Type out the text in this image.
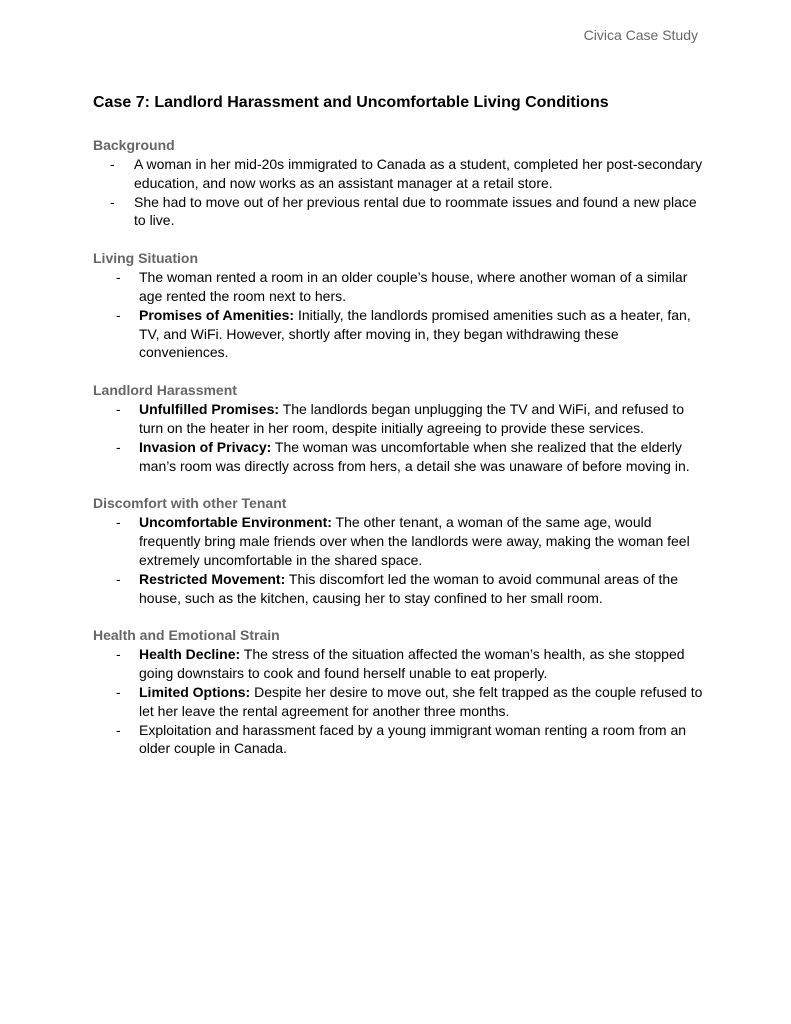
Civica Case Study
Case 7: Landlord Harassment and Uncomfortable Living Conditions
Background
- A woman in her mid-20s immigrated to Canada as a student, completed her post-secondary education, and now works as an assistant manager at a retail store.
- She had to move out of her previous rental due to roommate issues and found a new place to live.
Living Situation
- The woman rented a room in an older couple’s house, where another woman of a similar age rented the room next to hers.
- Promises of Amenities: Initially, the landlords promised amenities such as a heater, fan, TV, and WiFi. However, shortly after moving in, they began withdrawing these conveniences.
Landlord Harassment
- Unfulfilled Promises: The landlords began unplugging the TV and WiFi, and refused to turn on the heater in her room, despite initially agreeing to provide these services.
- Invasion of Privacy: The woman was uncomfortable when she realized that the elderly man’s room was directly across from hers, a detail she was unaware of before moving in.
Discomfort with other Tenant
- Uncomfortable Environment: The other tenant, a woman of the same age, would frequently bring male friends over when the landlords were away, making the woman feel extremely uncomfortable in the shared space.
- Restricted Movement: This discomfort led the woman to avoid communal areas of the house, such as the kitchen, causing her to stay confined to her small room.
Health and Emotional Strain
- Health Decline: The stress of the situation affected the woman’s health, as she stopped going downstairs to cook and found herself unable to eat properly.
- Limited Options: Despite her desire to move out, she felt trapped as the couple refused to let her leave the rental agreement for another three months.
- Exploitation and harassment faced by a young immigrant woman renting a room from an older couple in Canada.
